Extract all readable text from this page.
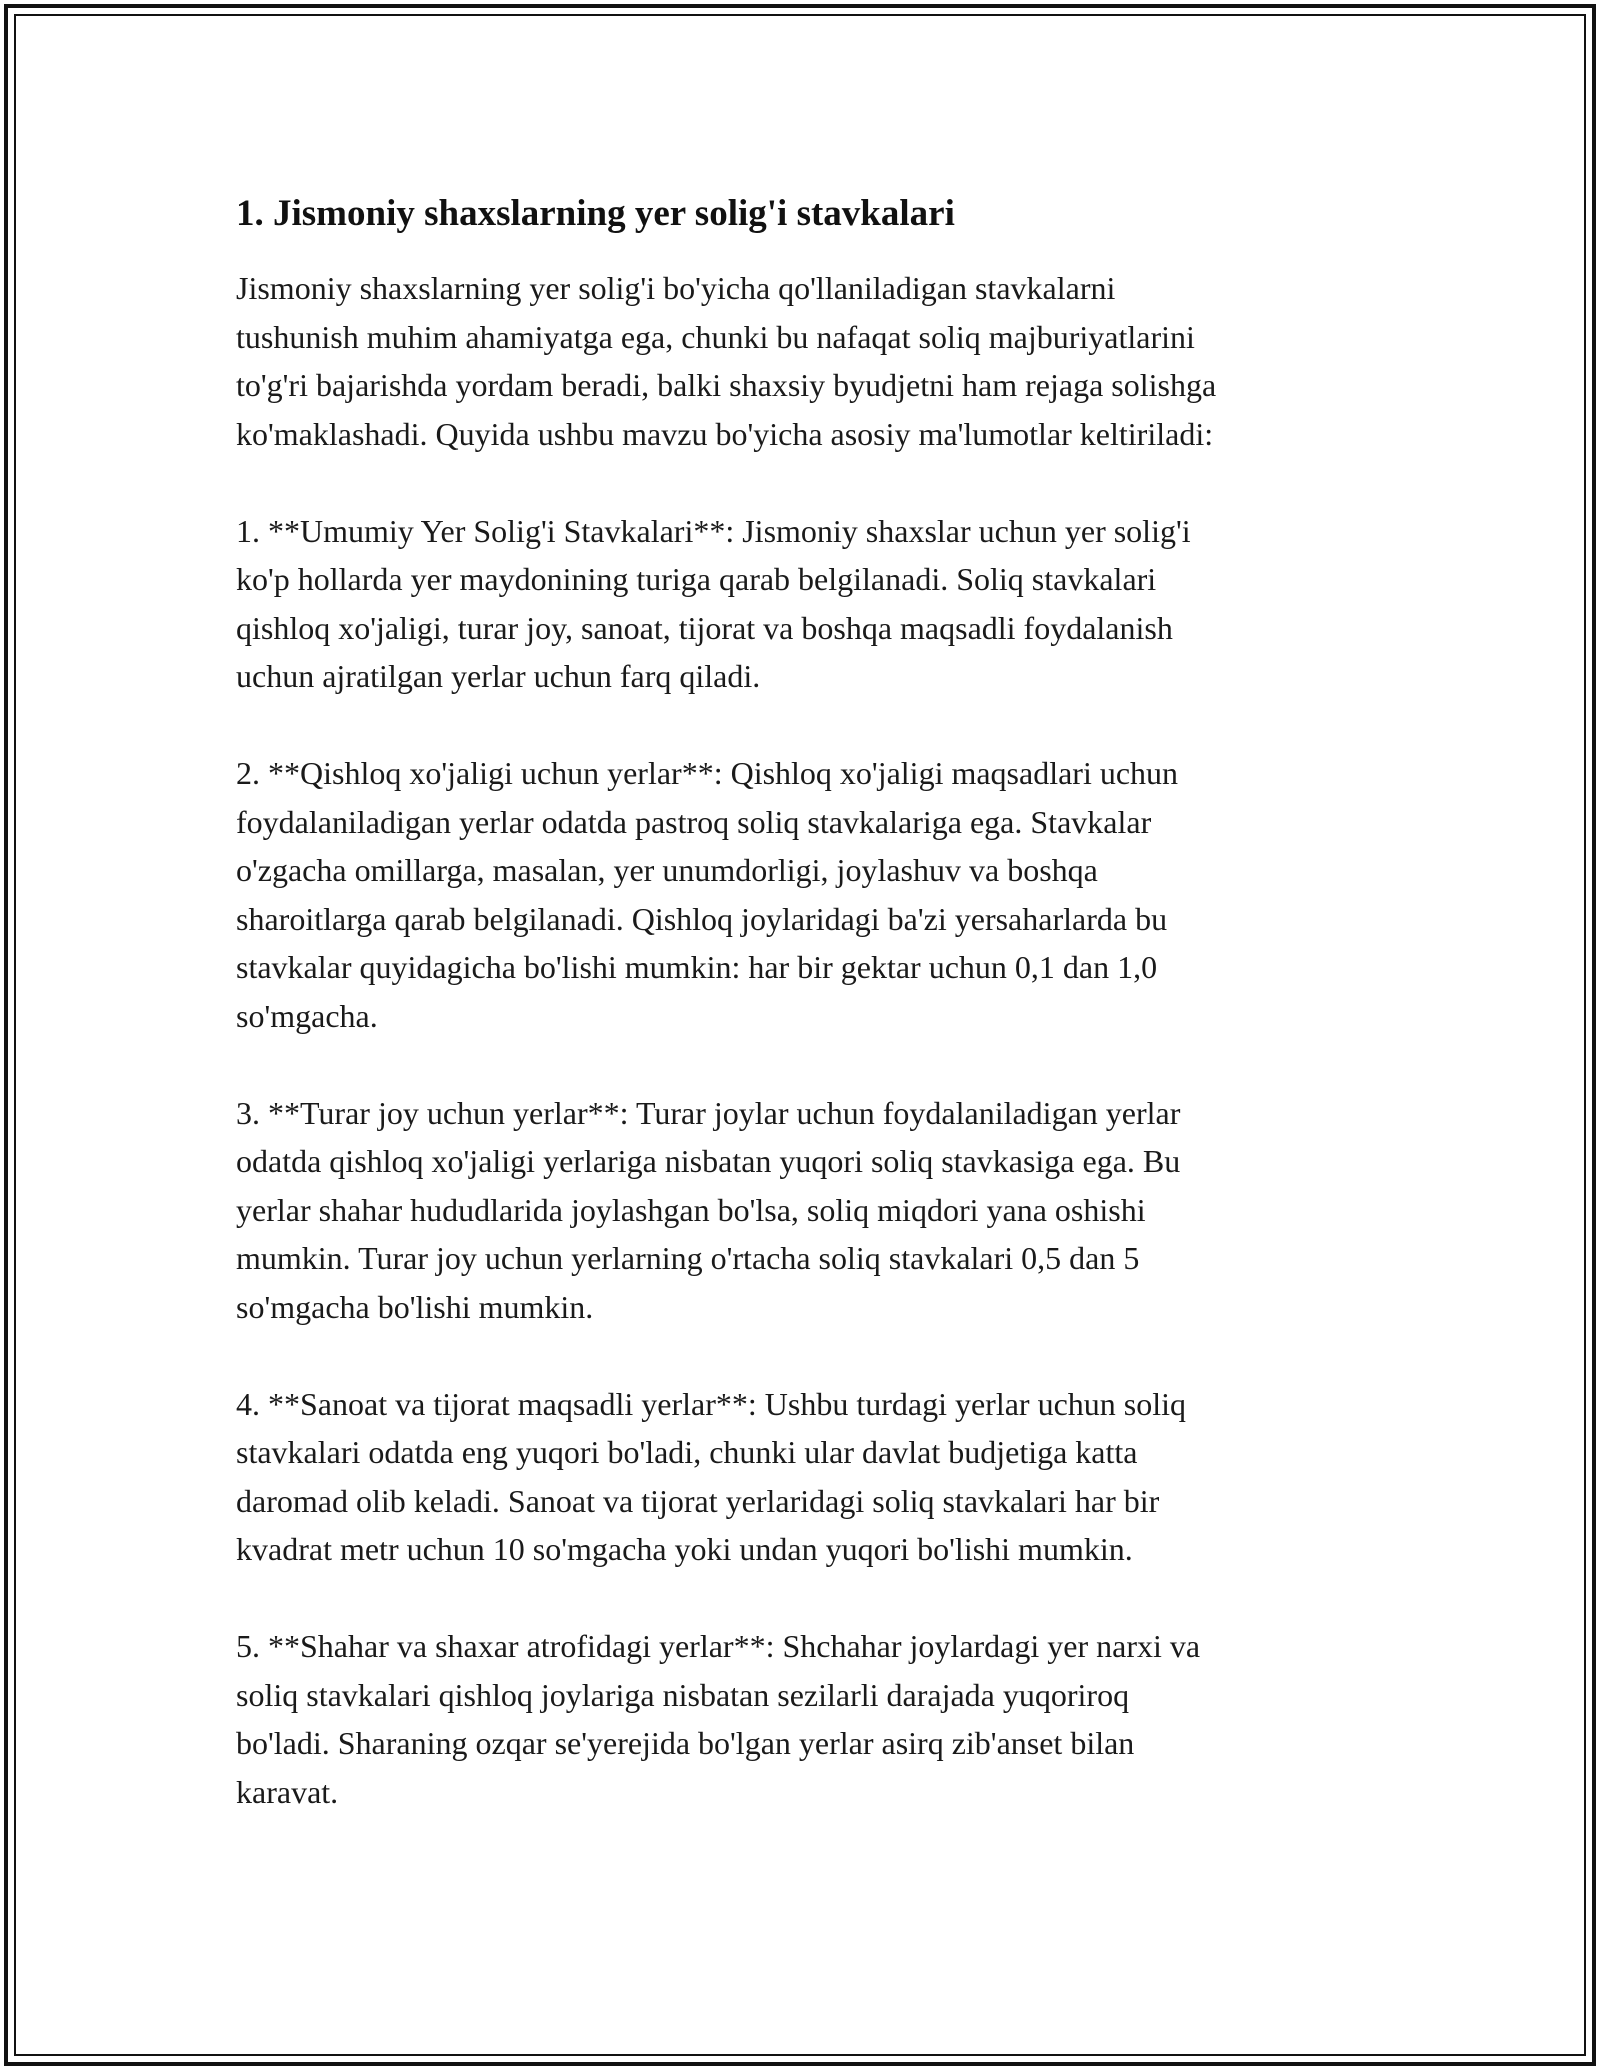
1. Jismoniy shaxslarning yer solig'i stavkalari

Jismoniy shaxslarning yer solig'i bo'yicha qo'llaniladigan stavkalarni
tushunish muhim ahamiyatga ega, chunki bu nafaqat soliq majburiyatlarini
to'g'ri bajarishda yordam beradi, balki shaxsiy byudjetni ham rejaga solishga
ko'maklashadi. Quyida ushbu mavzu bo'yicha asosiy ma'lumotlar keltiriladi:

1. **Umumiy Yer Solig'i Stavkalari**: Jismoniy shaxslar uchun yer solig'i
ko'p hollarda yer maydonining turiga qarab belgilanadi. Soliq stavkalari
qishloq xo'jaligi, turar joy, sanoat, tijorat va boshqa maqsadli foydalanish
uchun ajratilgan yerlar uchun farq qiladi.

2. **Qishloq xo'jaligi uchun yerlar**: Qishloq xo'jaligi maqsadlari uchun
foydalaniladigan yerlar odatda pastroq soliq stavkalariga ega. Stavkalar
o'zgacha omillarga, masalan, yer unumdorligi, joylashuv va boshqa
sharoitlarga qarab belgilanadi. Qishloq joylaridagi ba'zi yersaharlarda bu
stavkalar quyidagicha bo'lishi mumkin: har bir gektar uchun 0,1 dan 1,0
so'mgacha.

3. **Turar joy uchun yerlar**: Turar joylar uchun foydalaniladigan yerlar
odatda qishloq xo'jaligi yerlariga nisbatan yuqori soliq stavkasiga ega. Bu
yerlar shahar hududlarida joylashgan bo'lsa, soliq miqdori yana oshishi
mumkin. Turar joy uchun yerlarning o'rtacha soliq stavkalari 0,5 dan 5
so'mgacha bo'lishi mumkin.

4. **Sanoat va tijorat maqsadli yerlar**: Ushbu turdagi yerlar uchun soliq
stavkalari odatda eng yuqori bo'ladi, chunki ular davlat budjetiga katta
daromad olib keladi. Sanoat va tijorat yerlaridagi soliq stavkalari har bir
kvadrat metr uchun 10 so'mgacha yoki undan yuqori bo'lishi mumkin.

5. **Shahar va shaxar atrofidagi yerlar**: Shchahar joylardagi yer narxi va
soliq stavkalari qishloq joylariga nisbatan sezilarli darajada yuqoriroq
bo'ladi. Sharaning ozqar se'yerejida bo'lgan yerlar asirq zib'anset bilan
karavat.
